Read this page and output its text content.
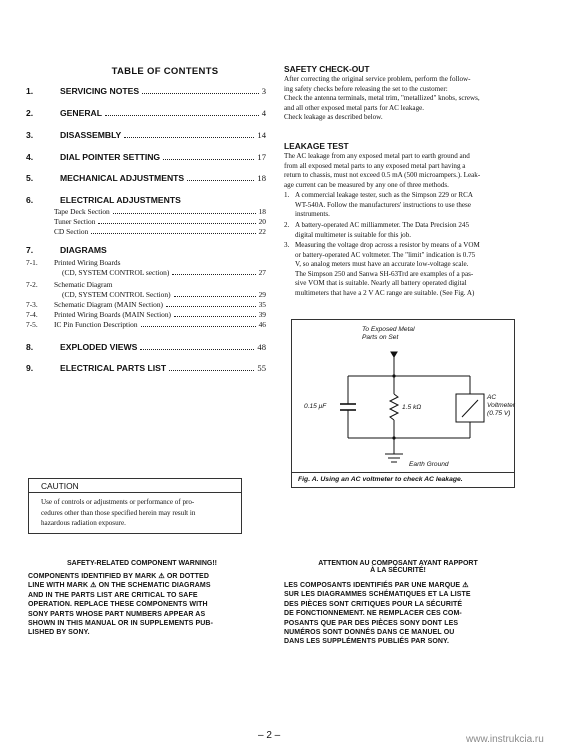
TABLE OF CONTENTS
1.	SERVICING NOTES	3
2.	GENERAL	4
3.	DISASSEMBLY	14
4.	DIAL POINTER SETTING	17
5.	MECHANICAL ADJUSTMENTS	18
6.	ELECTRICAL ADJUSTMENTS
Tape Deck Section	18
Tuner Section	20
CD Section	22
7.	DIAGRAMS
7-1.	Printed Wiring Boards
(CD, SYSTEM CONTROL section)	27
7-2.	Schematic Diagram
(CD, SYSTEM CONTROL Section)	29
7-3.	Schematic Diagram (MAIN Section)	35
7-4.	Printed Wiring Boards (MAIN Section)	39
7-5.	IC Pin Function Description	46
8.	EXPLODED VIEWS	48
9.	ELECTRICAL PARTS LIST	55
CAUTION
Use of controls or adjustments or performance of pro-
cedures other than those specified herein may result in
hazardous radiation exposure.
SAFETY CHECK-OUT
After correcting the original service problem, perform the follow-
ing safety checks before releasing the set to the customer:
Check the antenna terminals, metal trim, "metallized" knobs, screws,
and all other exposed metal parts for AC leakage.
Check leakage as described below.
LEAKAGE TEST
The AC leakage from any exposed metal part to earth ground and
from all exposed metal parts to any exposed metal part having a
return to chassis, must not exceed 0.5 mA (500 microampers.). Leak-
age current can be measured by any one of three methods.
1. A commercial leakage tester, such as the Simpson 229 or RCA
WT-540A. Follow the manufacturers' instructions to use these
instruments.
2. A battery-operated AC milliammeter. The Data Precision 245
digital multimeter is suitable for this job.
3. Measuring the voltage drop across a resistor by means of a VOM
or battery-operated AC voltmeter. The "limit" indication is 0.75
V, so analog meters must have an accurate low-voltage scale.
The Simpson 250 and Sanwa SH-63Trd are examples of a pas-
sive VOM that is suitable. Nearly all battery operated digital
multimeters that have a 2 V AC range are suitable. (See Fig. A)
To Exposed Metal
Parts on Set
0.15 μF	1.5 kΩ
AC
Voltmeter
(0.75 V)
Earth Ground
Fig. A. Using an AC voltmeter to check AC leakage.
SAFETY-RELATED COMPONENT WARNING!!
COMPONENTS IDENTIFIED BY MARK ⚠ OR DOTTED
LINE WITH MARK ⚠ ON THE SCHEMATIC DIAGRAMS
AND IN THE PARTS LIST ARE CRITICAL TO SAFE
OPERATION. REPLACE THESE COMPONENTS WITH
SONY PARTS WHOSE PART NUMBERS APPEAR AS
SHOWN IN THIS MANUAL OR IN SUPPLEMENTS PUB-
LISHED BY SONY.
ATTENTION AU COMPOSANT AYANT RAPPORT
À LA SÉCURITÉ!
LES COMPOSANTS IDENTIFIÉS PAR UNE MARQUE ⚠
SUR LES DIAGRAMMES SCHÉMATIQUES ET LA LISTE
DES PIÈCES SONT CRITIQUES POUR LA SÉCURITÉ
DE FONCTIONNEMENT. NE REMPLACER CES COM-
POSANTS QUE PAR DES PIÈCES SONY DONT LES
NUMÉROS SONT DONNÉS DANS CE MANUEL OU
DANS LES SUPPLÉMENTS PUBLIÉS PAR SONY.
– 2 –	www.instrukcia.ru
